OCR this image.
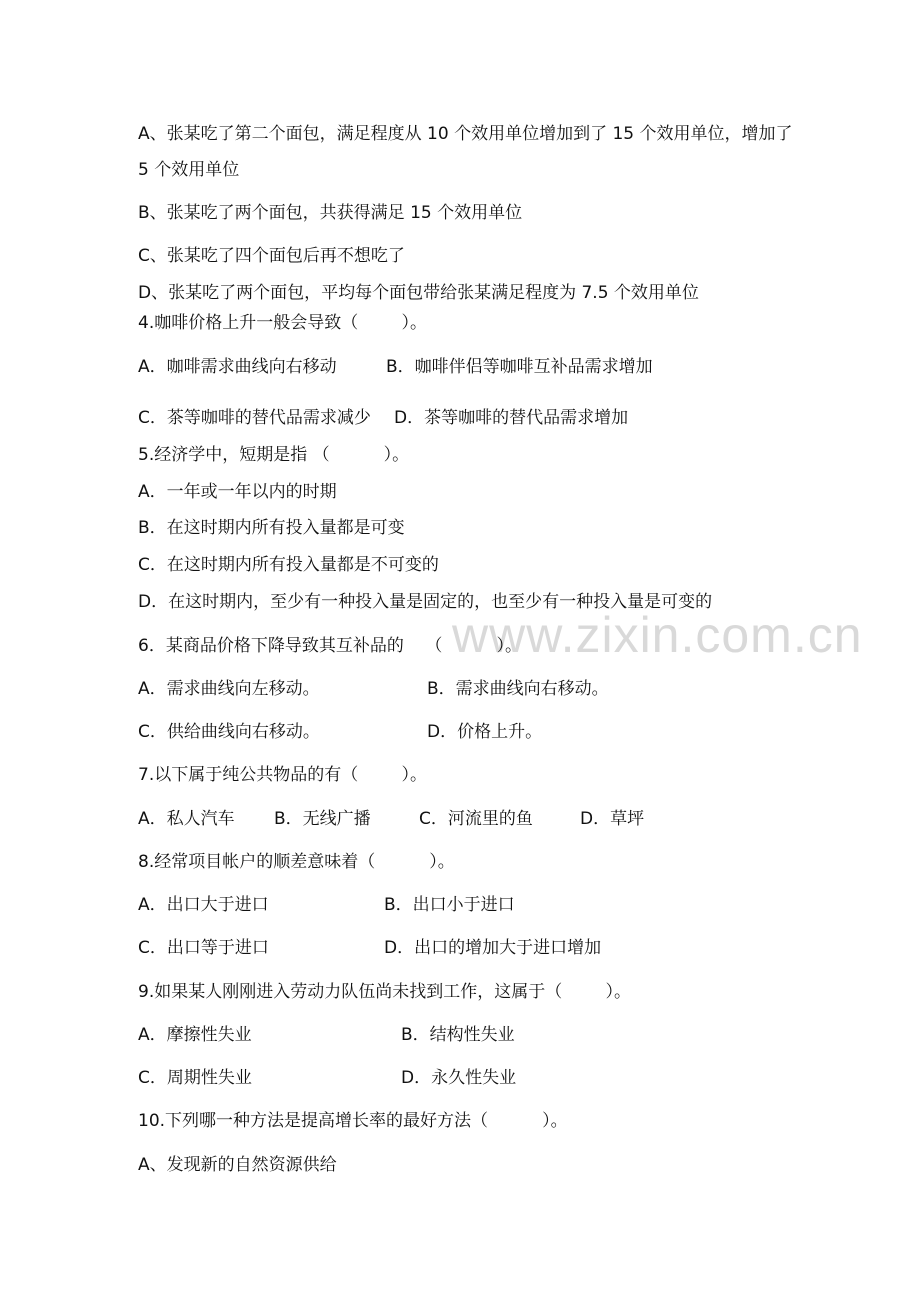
www.zixin.com.cn
A、张某吃了第二个面包，满足程度从 10 个效用单位增加到了 15 个效用单位，增加了
5 个效用单位
B、张某吃了两个面包，共获得满足 15 个效用单位
C、张某吃了四个面包后再不想吃了
D、张某吃了两个面包，平均每个面包带给张某满足程度为 7.5 个效用单位
4.咖啡价格上升一般会导致（        ）。

A．咖啡需求曲线向右移动

	B．咖啡伴侣等咖啡互补品需求增加

C．茶等咖啡的替代品需求减少

D．茶等咖啡的替代品需求增加

5.经济学中，短期是指 （          ）。
A．一年或一年以内的时期
B．在这时期内所有投入量都是可变
C．在这时期内所有投入量都是不可变的
D．在这时期内，至少有一种投入量是固定的，也至少有一种投入量是可变的
6．某商品价格下降导致其互补品的    （          ）。

A．需求曲线向左移动。

	B．需求曲线向右移动。

C．供给曲线向右移动。

	D．价格上升。

7.以下属于纯公共物品的有（        ）。

A．私人汽车

B．无线广播

	C．河流里的鱼

	D．草坪

8.经常项目帐户的顺差意味着（          ）。

A．出口大于进口

	B．出口小于进口

C．出口等于进口

	D．出口的增加大于进口增加

9.如果某人刚刚进入劳动力队伍尚未找到工作，这属于（        ）。

A．摩擦性失业

	B．结构性失业

C．周期性失业

	D．永久性失业

10.下列哪一种方法是提高增长率的最好方法（          ）。
A、发现新的自然资源供给
